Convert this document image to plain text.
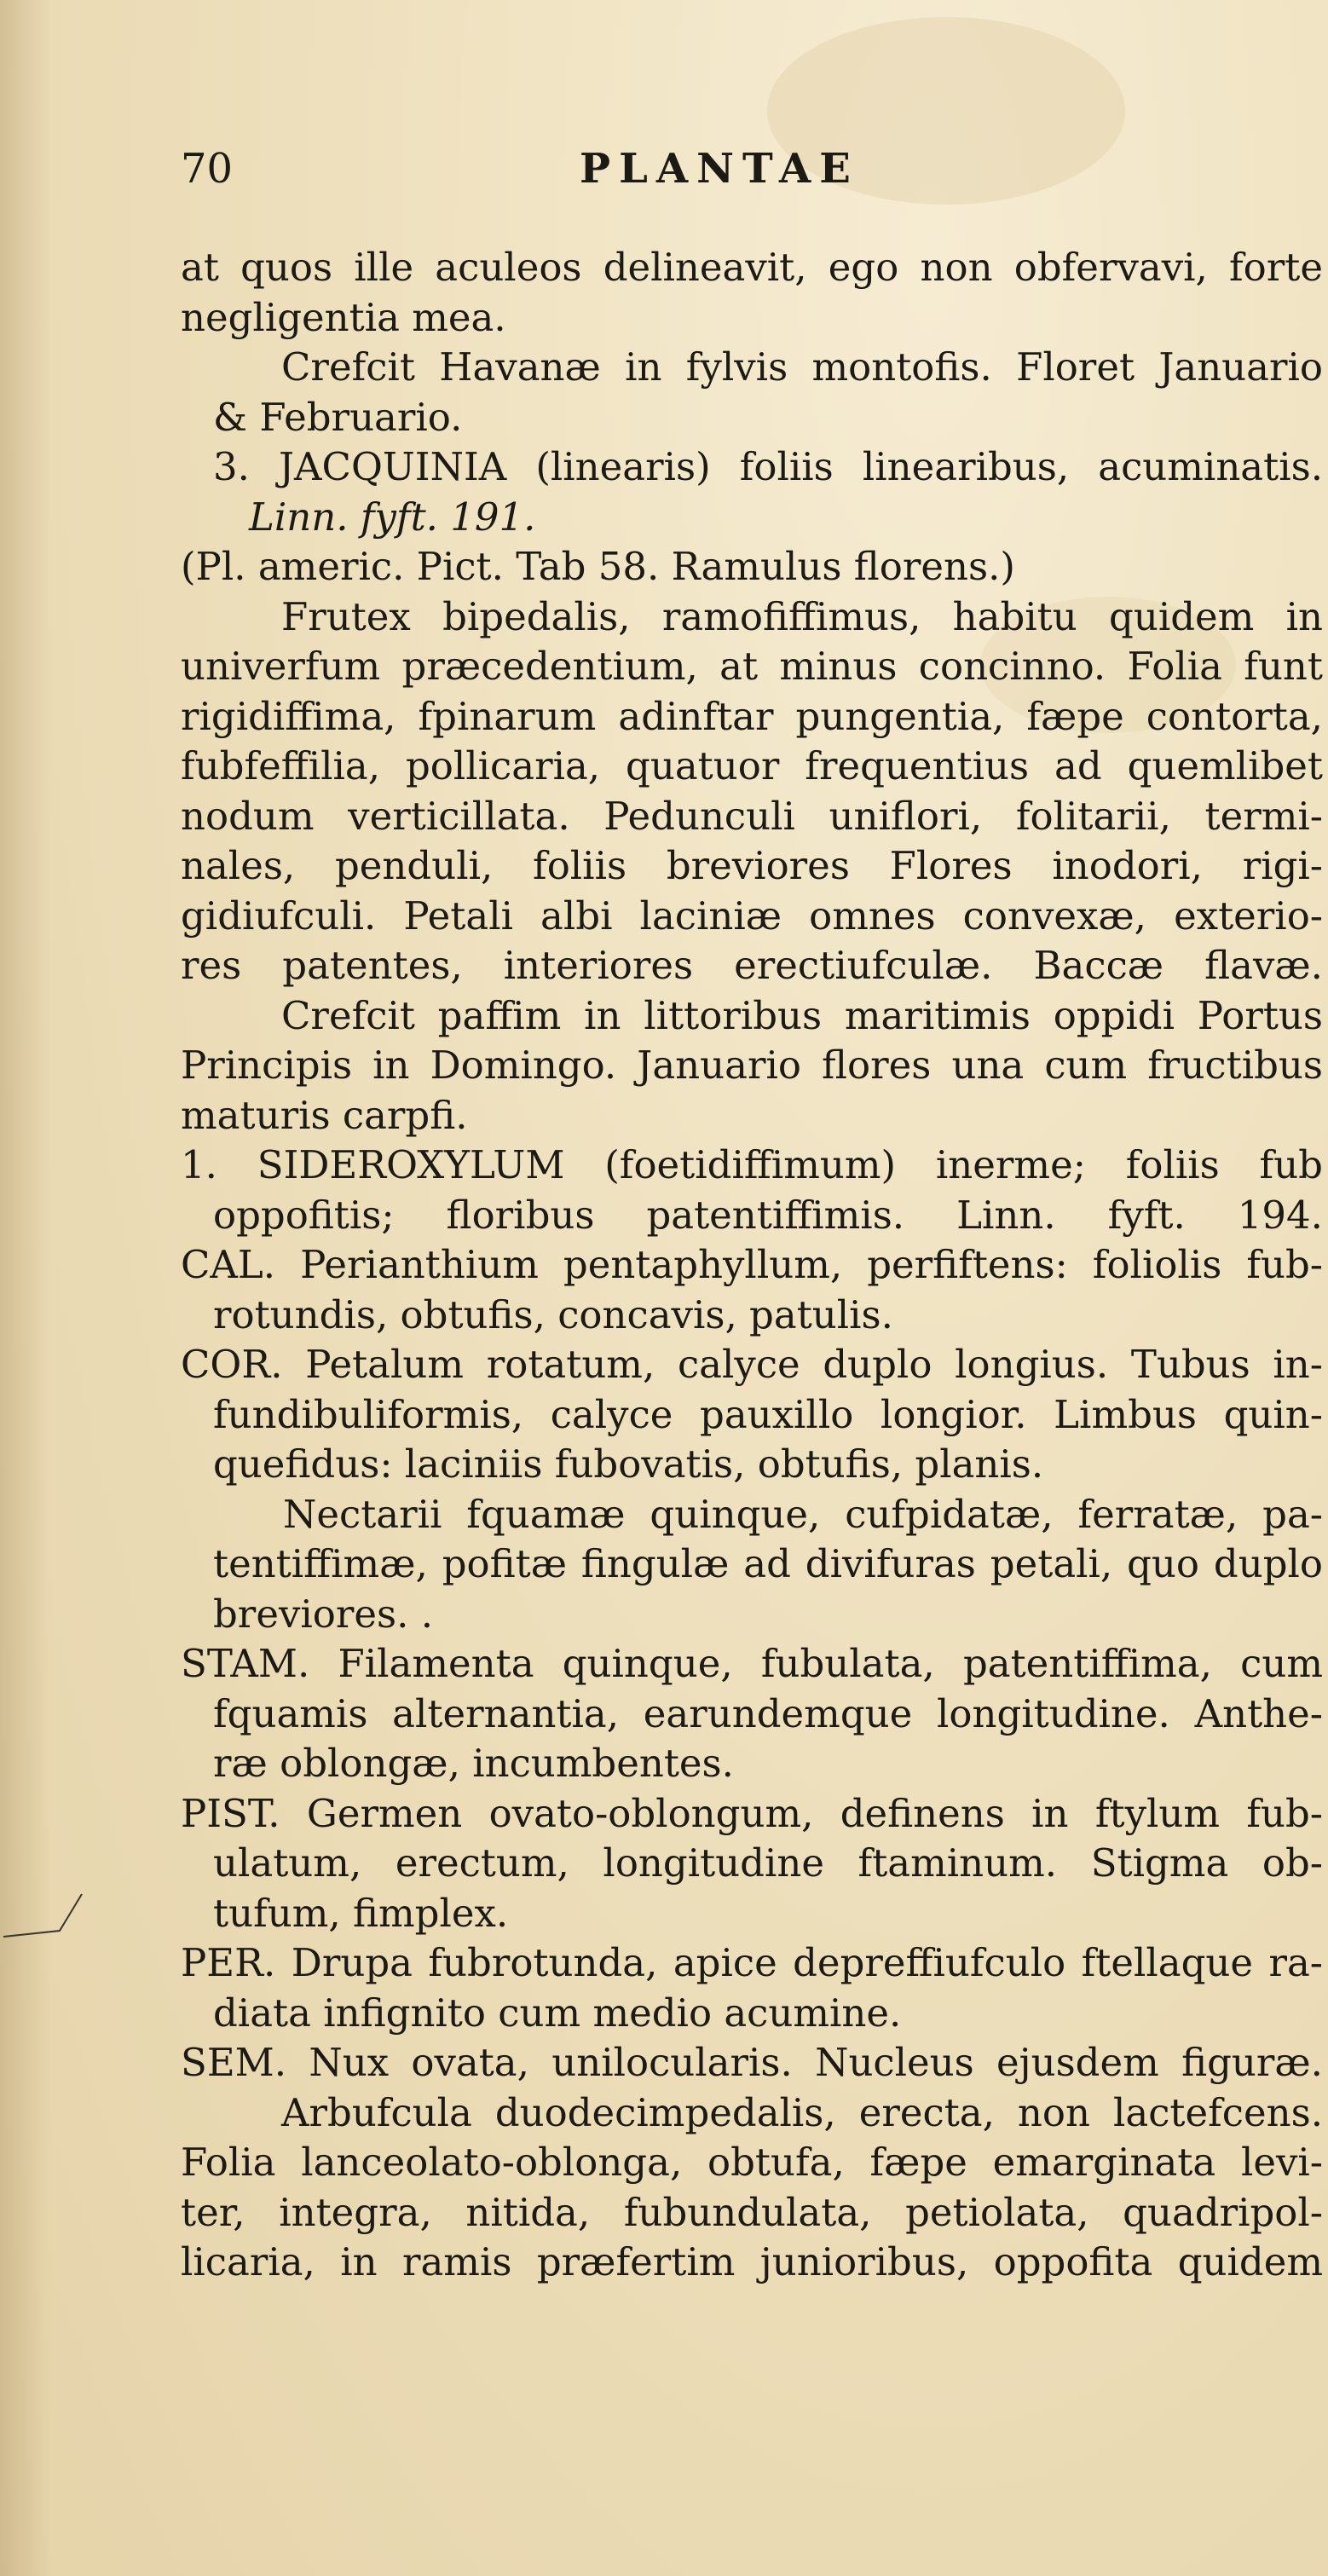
70	PLANTAE
at quos ille aculeos delineavit, ego non obfervavi, forte
negligentia mea.
Crefcit Havanæ in fylvis montofis. Floret Januario
& Februario.
3. JACQUINIA (linearis) foliis linearibus, acuminatis.
Linn. fyft. 191.
(Pl. americ. Pict. Tab 58. Ramulus florens.)
Frutex bipedalis, ramofiffimus, habitu quidem in
univerfum præcedentium, at minus concinno. Folia funt
rigidiffima, fpinarum adinftar pungentia, fæpe contorta,
fubfeffilia, pollicaria, quatuor frequentius ad quemlibet
nodum verticillata. Pedunculi uniflori, folitarii, termi-
nales, penduli, foliis breviores Flores inodori, rigi-
gidiufculi. Petali albi laciniæ omnes convexæ, exterio-
res patentes, interiores erectiufculæ. Baccæ flavæ.
Crefcit paffim in littoribus maritimis oppidi Portus
Principis in Domingo. Januario flores una cum fructibus
maturis carpfi.
1. SIDEROXYLUM (foetidiffimum) inerme; foliis fub
oppofitis; floribus patentiffimis. Linn. fyft. 194.
CAL. Perianthium pentaphyllum, perfiftens: foliolis fub-
rotundis, obtufis, concavis, patulis.
COR. Petalum rotatum, calyce duplo longius. Tubus in-
fundibuliformis, calyce pauxillo longior. Limbus quin-
quefidus: laciniis fubovatis, obtufis, planis.
Nectarii fquamæ quinque, cufpidatæ, ferratæ, pa-
tentiffimæ, pofitæ fingulæ ad divifuras petali, quo duplo
breviores. .
STAM. Filamenta quinque, fubulata, patentiffima, cum
fquamis alternantia, earundemque longitudine. Anthe-
ræ oblongæ, incumbentes.
PIST. Germen ovato-oblongum, definens in ftylum fub-
ulatum, erectum, longitudine ftaminum. Stigma ob-
tufum, fimplex.
PER. Drupa fubrotunda, apice depreffiufculo ftellaque ra-
diata infignito cum medio acumine.
SEM. Nux ovata, unilocularis. Nucleus ejusdem figuræ.
Arbufcula duodecimpedalis, erecta, non lactefcens.
Folia lanceolato-oblonga, obtufa, fæpe emarginata levi-
ter, integra, nitida, fubundulata, petiolata, quadripol-
licaria, in ramis præfertim junioribus, oppofita quidem
